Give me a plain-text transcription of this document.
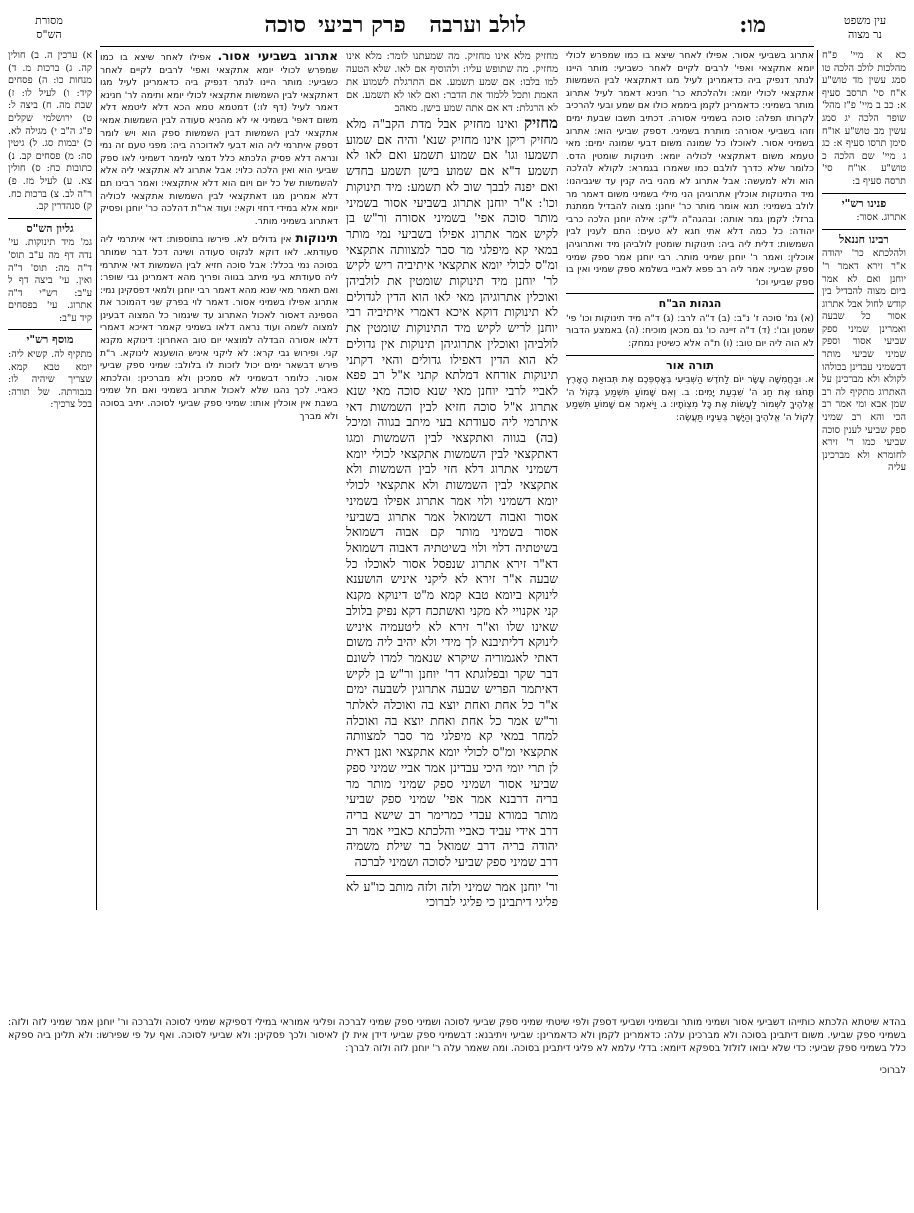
עין משפט
נר מצוה
מו:
לולב וערבה פרק רביעי
סוכה
מסורת
הש"ס

כא א מיי' פ"ח מהלכות לולב הלכה טו סמג עשין מד טוש"ע א"ח סי' תרסב סעיף א: כב ב מיי' פ"ז מהל' שופר הלכה יג סמג עשין מב טוש"ע או"ח סימן תרסו סעיף א: כג ג מיי' שם הלכה כ טוש"ע או"ח סי' תרסה סעיף ב:

פנינו רש"י

אתרוג. אסור:

רבינו חננאל

ולהלכתא כר' יהודה א"ר זירא דאמר ר' יוחנן ואם לא אמר ביום מצוה להבדיל בין קודש לחול אבל אתרוג אסור כל שבעה ואמרינן שמיני ספק שביעי אסור וספק שמיני שביעי מותר דבשמיני עבדינן בכולהו לקולא ולא מברכינן על האתרוג מתקיף לה רב שמן אבא ומי אמר רב הכי והא רב שמיני ספק שביעי לענין סוכה שביעי כמו ר' זירא לחומרא ולא מברכינן עליה

אתרוג בשביעי אסור. אפילו לאחר שיצא בו כמו שמפרש לכולי יומא אתקצאי ואפי' לרבים לקיים לאחר כשביעי: מותר היינו לנתר דנפיק ביה כדאמרינן לעיל מגו דאתקצאי לבין השמשות אתקצאי לכולי יומא: ולהלכתא כר' חנינא דאמר לעיל אתרוג מותר בשמיני: כדאמרינן לקמן ביממא כולו אם שמע ובעי להרכיב לקרותו תפלה: סוכה בשמיני אסורה. דכתיב תשבו שבעת ימים וזהו בשביעי אסורה: מותרת בשמיני. דספק שביעי הוא: אתרוג בשמיני אסור. לאוכלו כל שמונה משום דבעי שמונה ימים: מאי טעמא משום דאתקצאי לכוליה יומא: תינוקות שומטין הדס. כלומר שלא כדרך לולבם כמו שאמרו בגמרא: לקולא להלכה הוא ולא למעשה: אבל אתרוג לא מהני ביה קנין עד שיגביהנו: מיד התינוקות אוכלין אתרוגיהן הני מילי בשמיני משום דאמר מר לולב בשמיני: תנא אומר מותר כר' יוחנן: מצוה להבדיל ממתנת ברזל: לקמן גמר אותה: ובהגה"ה ל"ק: אילה יוחנן הלכה כרבי יהודה: כל כמה דלא אתי חגא לא טעים: התם לענין לבין השמשות: דלית ליה ביה: תינוקות שומטין לולביהן מיד ואתרוגיהן אוכלין: ואמר ר' יוחנן שמיני מותר. רבי יוחנן אמר ספק שמיני ספק שביעי: אמר ליה רב פפא לאביי בשלמא ספק שמיני ואין בו ספק שביעי וכו'

הגהות הב"ח

(א) גמ' סוכה ז' נ"ב: (ב) ד"ה לרב: (ג) ד"ה מיד תינוקות וכו' פי' שמטן ובו': (ד) ד"ה זיינה כו' גם מכאן מוכיח: (ה) באמצע הדבור לא הוה ליה יום טוב: (ו) ת"ה אלא כשיטין נמחק:

תורה אור

א. וּבַחֲמִשָּׁה עָשָׂר יוֹם לַחֹדֶשׁ הַשְּׁבִיעִי בְּאָסְפְּכֶם אֶת תְּבוּאַת הָאָרֶץ תָּחֹגּוּ אֶת חַג ה' שִׁבְעַת יָמִים: ב. וְאִם שָׁמוֹעַ תִּשְׁמַע בְּקוֹל ה' אֱלֹהֶיךָ לִשְׁמוֹר לַעֲשׂוֹת אֶת כָּל מִצְוֹתָיו: ג. וַיֹּאמֶר אִם שָׁמוֹעַ תִּשְׁמַע לְקוֹל ה' אֱלֹהֶיךָ וְהַיָּשָׁר בְּעֵינָיו תַּעֲשֶׂה:

מחזיק מלא אינו מחזיק. מה שמעתנו לומר: מלא אינו מחזיק. מה שתופש עליו: ולהוסיף אם לאו. שלא הטעה למו בלבו: אם שמע תשמע. אם התרגלת לשמוע את האמת ותכל ללמוד את הדבר: ואם לאו לא תשמע. אם לא הרגלת: דא אם אתה שמע בישן. מאהב

מחזיק ואינו מחזיק אבל מדת הקב"ה מלא מחזיק ריקן אינו מחזיק שנא' והיה אם שמוע תשמעו וגו' אם שמוע תשמע ואם לאו לא תשמע ד"א אם שמוע בישן תשמע בחדש ואם יפנה לבבך שוב לא תשמע: מיד תינוקות וכו': א"ר יוחנן אתרוג בשביעי אסור בשמיני מותר סוכה אפי' בשמיני אסורה ור"ש בן לקיש אמר אתרוג אפילו בשביעי נמי מותר במאי קא מיפלגי מר סבר למצוותה אתקצאי ומ"ס לכולי יומא אתקצאי איתיביה ריש לקיש לר' יוחנן מיד תינוקות שומטין את לולביהן ואוכלין אתרוגיהן מאי לאו הוא הדין לגדולים לא תינוקות דוקא איכא דאמרי איתיביה רבי יוחנן לריש לקיש מיד התינוקות שומטין את לולביהן ואוכלין אתרוגיהן תינוקות אין גדולים לא הוא הדין דאפילו גדולים והאי דקתני תינוקות אורחא דמלתא קתני א"ל רב פפא לאביי לרבי יוחנן מאי שנא סוכה מאי שנא אתרוג א"ל סוכה חזיא לבין השמשות דאי איתרמי ליה סעודתא בעי מיתב בגווה ומיכל (בה) בגווה ואתקצאי לבין השמשות ומגו דאתקצאי לבין השמשות אתקצאי לכולי יומא דשמיני אתרוג דלא חזי לבין השמשות ולא אתקצאי לבין השמשות ולא אתקצאי לכולי יומא דשמיני ולוי אמר אתרוג אפילו בשמיני אסור ואבוה דשמואל אמר אתרוג בשביעי אסור בשמיני מותר קם אבוה דשמואל בשיטתיה דלוי ולוי בשיטתיה דאבוה דשמואל דא"ר זירא אתרוג שנפסל אסור לאוכלו כל שבעה א"ר זירא לא ליקני איניש הושענא לינוקא ביומא טבא קמא מ"ט דינוקא מקנא קני אקנויי לא מקני ואשתכח דקא נפיק בלולב שאינו שלו וא"ר זירא לא ליטעמיה איניש לינוקא דליתיבנא לך מידי ולא יהיב ליה משום דאתי לאגמוריה שיקרא שנאמר למדו לשונם דבר שקר ובפלוגתא דר' יוחנן ור"ש בן לקיש דאיתמר הפריש שבעה אתרוגין לשבעה ימים א"ר כל אחת ואחת יוצא בה ואוכלה לאלתר ור"ש אמר כל אחת ואחת יוצא בה ואוכלה למחר במאי קא מיפלגי מר סבר למצוותה אתקצאי ומ"ס לכולי יומא אתקצאי ואנן דאית לן תרי יומי היכי עבדינן אמר אביי שמיני ספק שביעי אסור ושמיני ספק שמיני מותר מר בריה דרבנא אמר אפי' שמיני ספק שביעי מותר במורא עבדי כמרימר רב שישא בריה דרב אידי עביד כאביי והלכתא כאביי אמר רב יהודה בריה דרב שמואל בר שילת משמיה דרב שמיני ספק שביעי לסוכה ושמיני לברכה

ור' יוחנן אמר שמיני ולזה ולזה מותב כו"ע לא פליגי דיתבינן כי פליגי לברוכי

אתרוג בשביעי אסור. אפילו לאחר שיצא בו כמו שמפרש לכולי יומא אתקצאי ואפי' לרבים לקיים לאחר כשביעי: מותר היינו לנתר דנפיק ביה כדאמרינן לעיל מגו דאתקצאי לבין השמשות אתקצאי לכולי יומא ותימה לר' חנינא דאמר לעיל (דף לו:) דמטמא טמא הכא דלא ליטמא דלא משום דאפי' בשמיני אי לא מהניא סעודה לבין השמשות אמאי אתקצאי לבין השמשות דבין השמשות ספק הוא ויש לומר דספק איתרמי ליה הוא דבעי לאדוכרה ביה: מפני טעם זה נמי ונראה דלא פסיק הלכתא כלל דמצי למימר דשמיני לאו ספק שביעי הוא ואין הלכה כלוי: אבל אתרוג לא אתקצאי ליה אלא להשמשות של כל יום ויום הוא דלא איתקצאי: ואמר רבינו תם דלא אמרינן מגו דאתקצאי לבין השמשות אתקצאי לכוליה יומא אלא במידי דחזי וקאי: ועוד אר"ת דהלכה כר' יוחנן ופסיק דאתרוג בשמיני מותר.

תינוקות אין גדולים לא. פירשו בתוספות: דאי איתרמי ליה סעודתא. לאו דוקא לנקוט סעודה ושינה דכל דבר שמותר בסוכה נמי בכלל: אבל סוכה חזיא לבין השמשות דאי איתרמי ליה סעודתא בעי מיתב בגווה ופריך מהא דאמרינן גבי שופר: ואם תאמר מאי שנא מהא דאמר רבי יוחנן ולמאי דפסקינן נמי: אתרוג אפילו בשמיני אסור. דאמר לוי בפרק שני דהמוכר את הספינה דאסור לאכול האתרוג עד שיגמור כל המצוה דבעינן למצוה לשמה ועוד נראה דלאו בשמיני קאמר דאיכא דאמרי דלאו אסורה הבדלה למוצאי יום טוב האחרון: דינוקא מקנא קני. ופירוש גבי קרא: לא ליקני איניש הושענא לינוקא. ר"ת פירש דבשאר ימים יכול לזכות לו בלולב: שמיני ספק שביעי אסור. כלומר דבשמיני לא סמכינן ולא מברכינן: והלכתא כאביי. לכך נהגו שלא לאכול אתרוג בשמיני ואם חל שמיני בשבת אין אוכלין אותו: שמיני ספק שביעי לסוכה. יתיב בסוכה ולא מברך

א) ערכין ה. ב) חולין קה. ג) ברכות מ. ד) מנחות כו: ה) פסחים קיד: ו) לעיל לו: ז) שבת מה. ח) ביצה ל: ט) ירושלמי שקלים פ"ג ה"ב י) מגילה לא. כ) יבמות סג. ל) גיטין סה: מ) פסחים קב. נ) כתובות כח: ס) חולין צא. ע) לעיל מז. פ) ר"ה לב. צ) ברכות כח. ק) סנהדרין קב.

גליון הש"ס

גמ' מיד תינוקות. עי' נדה דף מה ע"ב תוס' ד"ה מה: תוס' ד"ה ואין. עי' ביצה דף ל ע"ב: רש"י ד"ה אתרוג. עי' בפסחים קיד ע"ב:

מוסף רש"י

מתקיף לה. קשיא ליה: יומא טבא קמא. שצריך שיהיה לו: בגבורתה. של תורה: בכל צרכיך:

בהדא שיטתא הלכתא כותייהו דשביעי אסור ושמיני מותר ובשמיני ושביעי דספק ולפי שיטתי שמיני ספק שביעי לסוכה ושמיני ספק שמיני לברכה ופליגי אמוראי במילי דספיקא שמיני לסוכה ולברכה ור' יוחנן אמר שמיני לזה ולזה: בשמיני ספק שביעי. משום דיתבינן בסוכה ולא מברכינן עלה: כדאמרינן לקמן ולא כדאמרינן: שביעי ויתיבנא: דבשמיני ספק שביעי דידן אית לן לאיסור ולכך פסקינן: ולא שביעי לסוכה. ואף על פי שפירשו: ולא תלינן ביה ספקא כלל בשמיני ספק שביעי: כדי שלא יבואו לזלזל בספקא דיומא: בדלי עלמא לא פליגי דיתבינן בסוכה. ומה שאמר עלה ר' יוחנן לזה ולזה לברך:

לברוכי
